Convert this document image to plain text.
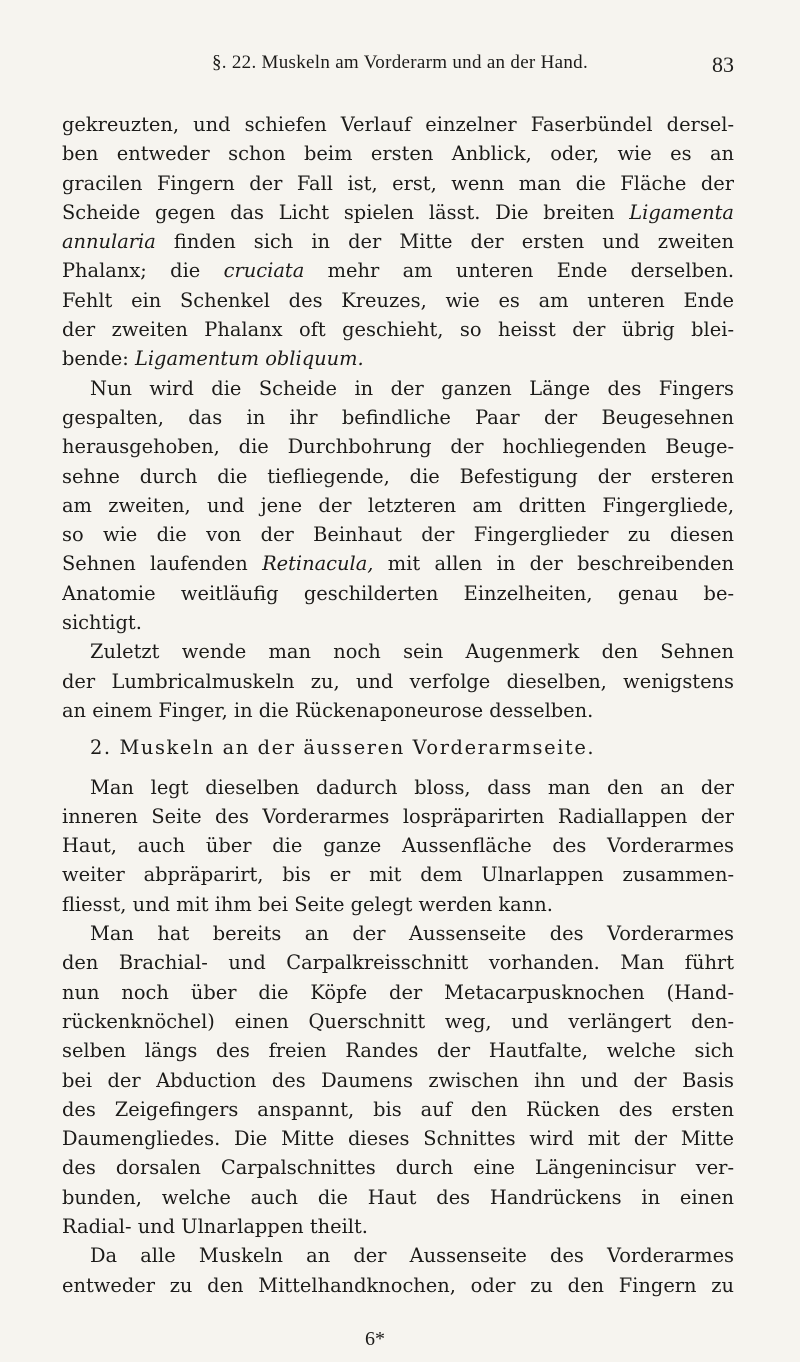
§. 22. Muskeln am Vorderarm und an der Hand.	83
gekreuzten, und schiefen Verlauf einzelner Faserbündel dersel-
ben entweder schon beim ersten Anblick, oder, wie es an
gracilen Fingern der Fall ist, erst, wenn man die Fläche der
Scheide gegen das Licht spielen lässt. Die breiten Ligamenta
annularia finden sich in der Mitte der ersten und zweiten
Phalanx; die cruciata mehr am unteren Ende derselben.
Fehlt ein Schenkel des Kreuzes, wie es am unteren Ende
der zweiten Phalanx oft geschieht, so heisst der übrig blei-
bende: Ligamentum obliquum.
Nun wird die Scheide in der ganzen Länge des Fingers
gespalten, das in ihr befindliche Paar der Beugesehnen
herausgehoben, die Durchbohrung der hochliegenden Beuge-
sehne durch die tiefliegende, die Befestigung der ersteren
am zweiten, und jene der letzteren am dritten Fingergliede,
so wie die von der Beinhaut der Fingerglieder zu diesen
Sehnen laufenden Retinacula, mit allen in der beschreibenden
Anatomie weitläufig geschilderten Einzelheiten, genau be-
sichtigt.
Zuletzt wende man noch sein Augenmerk den Sehnen
der Lumbricalmuskeln zu, und verfolge dieselben, wenigstens
an einem Finger, in die Rückenaponeurose desselben.
2. Muskeln an der äusseren Vorderarmseite.
Man legt dieselben dadurch bloss, dass man den an der
inneren Seite des Vorderarmes lospräparirten Radiallappen der
Haut, auch über die ganze Aussenfläche des Vorderarmes
weiter abpräparirt, bis er mit dem Ulnarlappen zusammen-
fliesst, und mit ihm bei Seite gelegt werden kann.
Man hat bereits an der Aussenseite des Vorderarmes
den Brachial- und Carpalkreisschnitt vorhanden. Man führt
nun noch über die Köpfe der Metacarpusknochen (Hand-
rückenknöchel) einen Querschnitt weg, und verlängert den-
selben längs des freien Randes der Hautfalte, welche sich
bei der Abduction des Daumens zwischen ihn und der Basis
des Zeigefingers anspannt, bis auf den Rücken des ersten
Daumengliedes. Die Mitte dieses Schnittes wird mit der Mitte
des dorsalen Carpalschnittes durch eine Längenincisur ver-
bunden, welche auch die Haut des Handrückens in einen
Radial- und Ulnarlappen theilt.
Da alle Muskeln an der Aussenseite des Vorderarmes
entweder zu den Mittelhandknochen, oder zu den Fingern zu
6*
